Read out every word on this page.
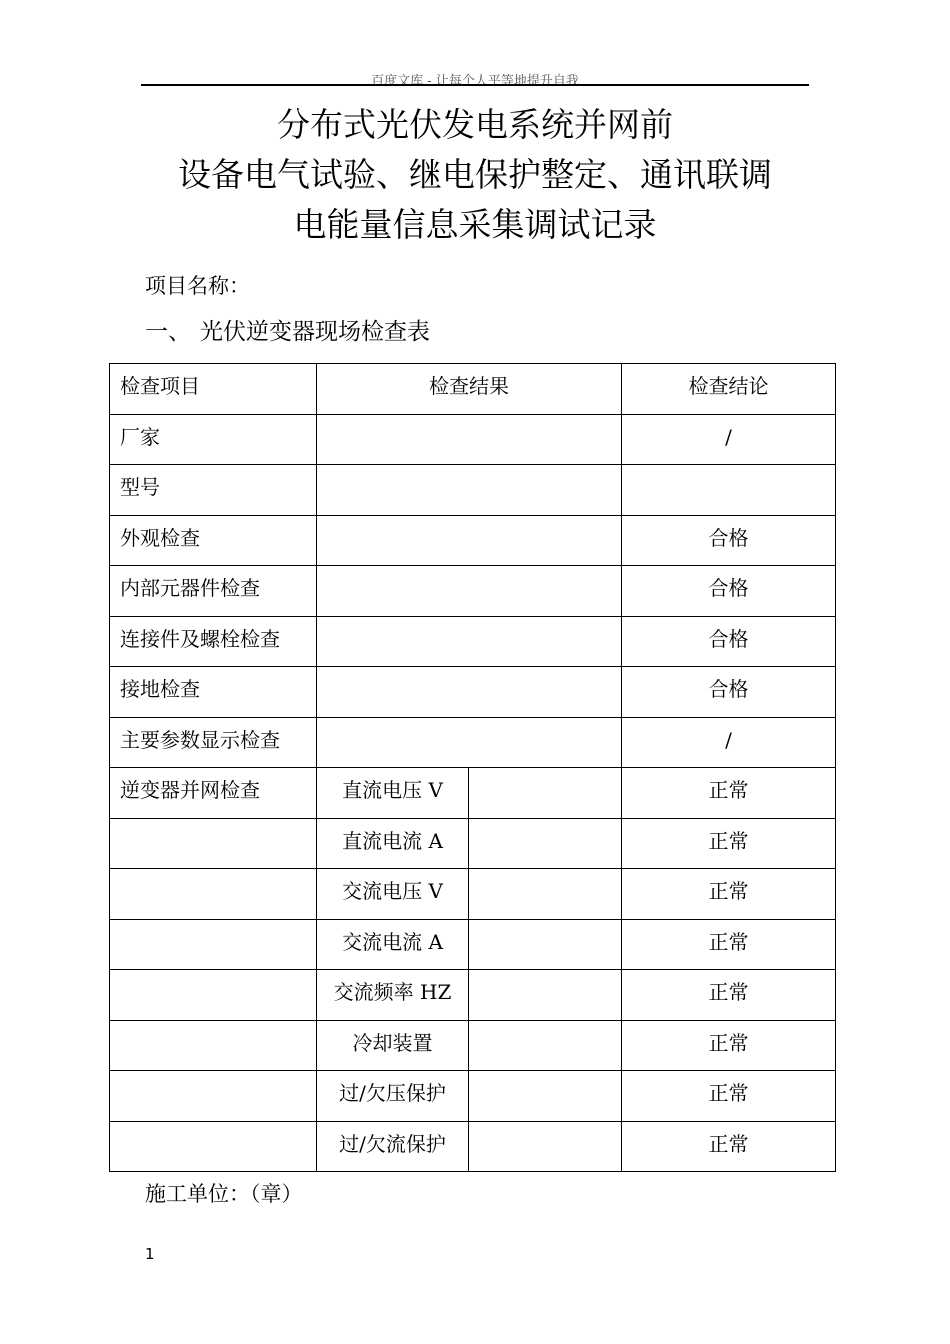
百度文库 - 让每个人平等地提升自我
分布式光伏发电系统并网前
设备电气试验、继电保护整定、通讯联调
电能量信息采集调试记录
项目名称：
一、 光伏逆变器现场检查表
检查项目	检查结果		检查结论

厂家			/

型号			

外观检查			合格

内部元器件检查			合格

连接件及螺栓检查			合格

接地检查			合格

主要参数显示检查			/

逆变器并网检查	直流电压 V		正常

	直流电流 A		正常

	交流电压 V		正常

	交流电流 A		正常

	交流频率 HZ		正常

	冷却装置		正常

	过/欠压保护		正常

	过/欠流保护		正常
施工单位：（章）
1
